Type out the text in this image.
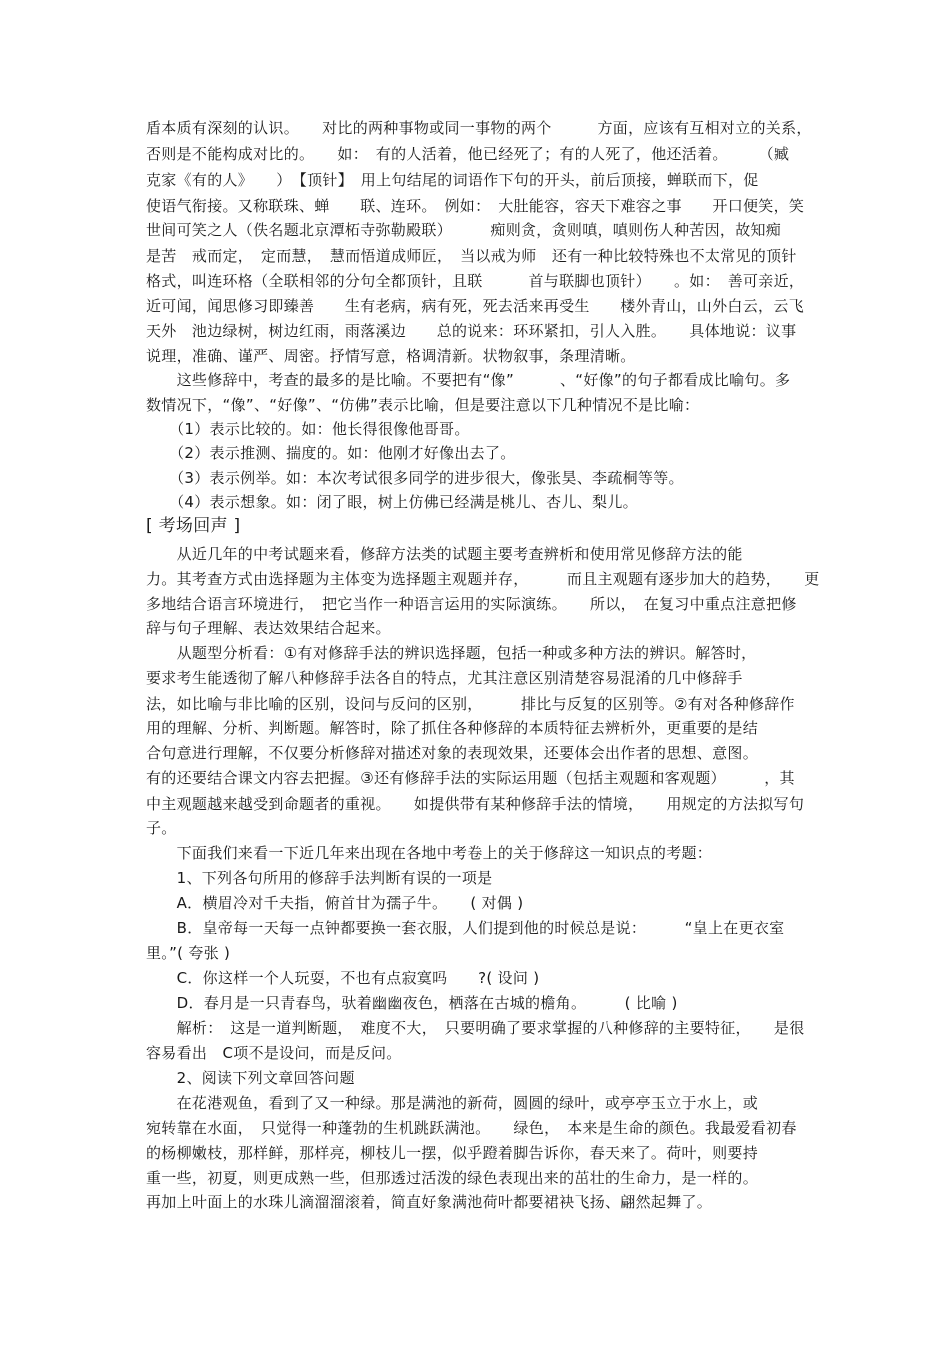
盾本质有深刻的认识。　　对比的两种事物或同一事物的两个　　　方面，应该有互相对立的关系，
否则是不能构成对比的。　　如：　有的人活着，他已经死了；有的人死了，他还活着。　　　（臧
克家《有的人》　　）　【顶针】　用上句结尾的词语作下句的开头，前后顶接，蝉联而下，促
使语气衔接。又称联珠、蝉　　联、连环。　例如：　大肚能容，容天下难容之事　　开口便笑，笑
世间可笑之人（佚名题北京潭柘寺弥勒殿联）　　　痴则贪，贪则嗔，嗔则伤人种苦因，故知痴
是苦　戒而定，　定而慧，　慧而悟道成师匠，　当以戒为师　还有一种比较特殊也不太常见的顶针
格式，叫连环格（全联相邻的分句全都顶针，且联　　　首与联脚也顶针）　　。如：　善可亲近，
近可闻，闻思修习即臻善　　生有老病，病有死，死去活来再受生　　楼外青山，山外白云，云飞
天外　池边绿树，树边红雨，雨落溪边　　总的说来：环环紧扣，引人入胜。　　具体地说：议事
说理，准确、谨严、周密。抒情写意，格调清新。状物叙事，条理清晰。
　　这些修辞中，考查的最多的是比喻。不要把有“像”　　　、“好像”的句子都看成比喻句。多
数情况下，“像”、“好像”、“仿佛”表示比喻，但是要注意以下几种情况不是比喻：
　　（1）表示比较的。如：他长得很像他哥哥。
　　（2）表示推测、揣度的。如：他刚才好像出去了。
　　（3）表示例举。如：本次考试很多同学的进步很大，像张昊、李疏桐等等。
　　（4）表示想象。如：闭了眼，树上仿佛已经满是桃儿、杏儿、梨儿。
[ 考场回声 ]
　　从近几年的中考试题来看，修辞方法类的试题主要考查辨析和使用常见修辞方法的能
力。其考查方式由选择题为主体变为选择题主观题并存，　　　而且主观题有逐步加大的趋势，　　更
多地结合语言环境进行，　把它当作一种语言运用的实际演练。　　所以，　在复习中重点注意把修
辞与句子理解、表达效果结合起来。
　　从题型分析看：①有对修辞手法的辨识选择题，包括一种或多种方法的辨识。解答时，
要求考生能透彻了解八种修辞手法各自的特点，尤其注意区别清楚容易混淆的几中修辞手
法，如比喻与非比喻的区别，设问与反问的区别，　　　排比与反复的区别等。②有对各种修辞作
用的理解、分析、判断题。解答时，除了抓住各种修辞的本质特征去辨析外，更重要的是结
合句意进行理解，不仅要分析修辞对描述对象的表现效果，还要体会出作者的思想、意图。
有的还要结合课文内容去把握。③还有修辞手法的实际运用题（包括主观题和客观题）　　　，其
中主观题越来越受到命题者的重视。　　如提供带有某种修辞手法的情境，　　用规定的方法拟写句
子。
　　下面我们来看一下近几年来出现在各地中考卷上的关于修辞这一知识点的考题：
　　1、下列各句所用的修辞手法判断有误的一项是
　　A．横眉冷对千夫指，俯首甘为孺子牛。　　( 对偶 )
　　B．皇帝每一天每一点钟都要换一套衣服，人们提到他的时候总是说：　　　“皇上在更衣室
里。”( 夸张 )
　　C．你这样一个人玩耍，不也有点寂寞吗　　?( 设问 )
　　D．春月是一只青春鸟，驮着幽幽夜色，栖落在古城的檐角。　　　( 比喻 )
　　解析：　这是一道判断题，　难度不大，　只要明确了要求掌握的八种修辞的主要特征，　　是很
容易看出　C项不是设问，而是反问。
　　2、阅读下列文章回答问题
　　在花港观鱼，看到了又一种绿。那是满池的新荷，圆圆的绿叶，或亭亭玉立于水上，或
宛转靠在水面，　只觉得一种蓬勃的生机跳跃满池。　　绿色，　本来是生命的颜色。我最爱看初春
的杨柳嫩枝，那样鲜，那样亮，柳枝儿一摆，似乎蹬着脚告诉你，春天来了。荷叶，则要持
重一些，初夏，则更成熟一些，但那透过活泼的绿色表现出来的茁壮的生命力，是一样的。
再加上叶面上的水珠儿滴溜溜滚着，简直好象满池荷叶都要裙袂飞扬、翩然起舞了。
